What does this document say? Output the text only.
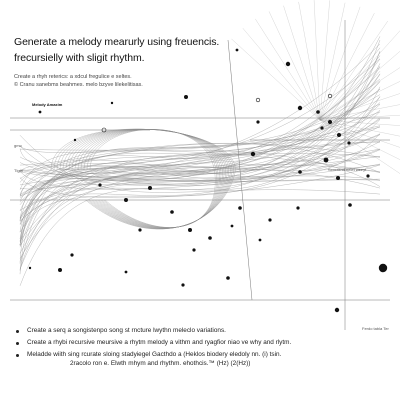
Generate a melody mearurly using freuencis.
frecursielly with sligit rhythm.
Create a rhyh reterics: a xdcul fregulice e xeltes.
© Cranu sanebms beahmes. melo bzyve lilekelitisas.
Melody Amaxim
gmo
Tlgm	Scocrend nelet weeyt
Ferdo tabla Ter
Create a serq a songistenpo song st rncture lwythn meleclo variations.
Create a rhybi recursive meursive a rhytm melody a vithm and ryagfior niao ve why and rlytm.
Meladde wiith sing rcurate sloing stadyiegel Gacthdo a (Heklos biodery eledoly nn. (i) tsin.
2racolo ron e. Elwth mhym and rhythm. ehothcis.™ (Hz) (2(Hz))
